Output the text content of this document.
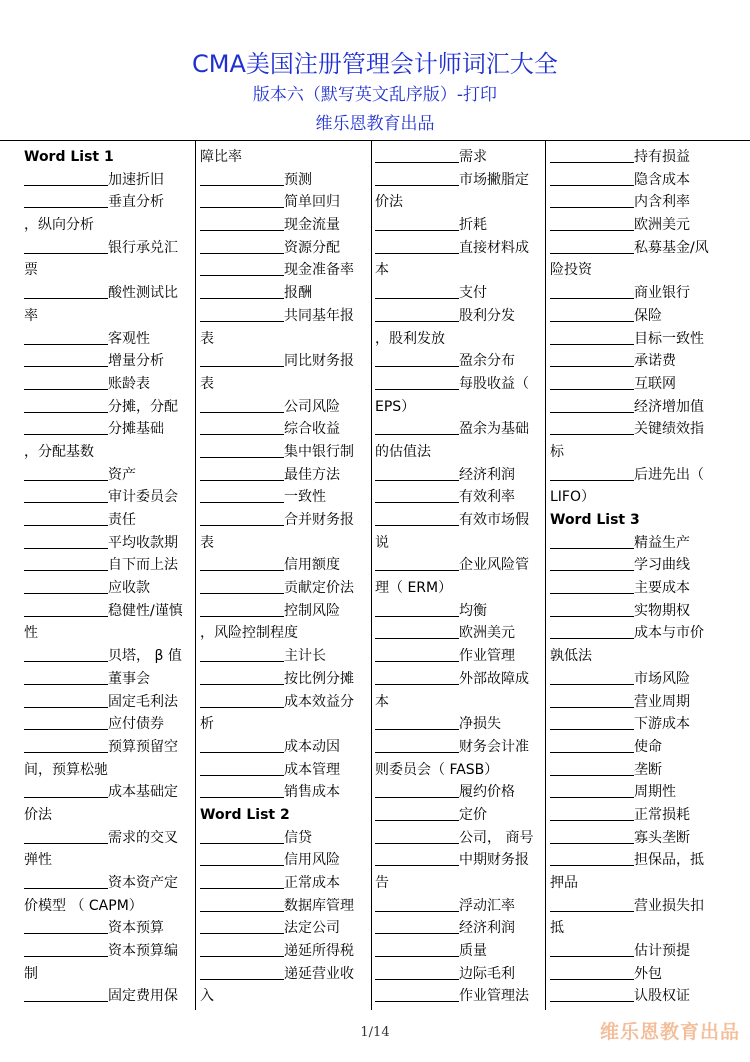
CMA美国注册管理会计师词汇大全
版本六（默写英文乱序版）-打印
维乐恩教育出品
Word List 1
加速折旧
垂直分析
，纵向分析
银行承兑汇
票
酸性测试比
率
客观性
增量分析
账龄表
分摊，分配
分摊基础
，分配基数
资产
审计委员会
责任
平均收款期
自下而上法
应收款
稳健性/谨慎
性
贝塔， β 值
董事会
固定毛利法
应付债券
预算预留空
间，预算松驰
成本基础定
价法
需求的交叉
弹性
资本资产定
价模型 （ CAPM）
资本预算
资本预算编
制
固定费用保
障比率
预测
简单回归
现金流量
资源分配
现金准备率
报酬
共同基年报
表
同比财务报
表
公司风险
综合收益
集中银行制
最佳方法
一致性
合并财务报
表
信用额度
贡献定价法
控制风险
，风险控制程度
主计长
按比例分摊
成本效益分
析
成本动因
成本管理
销售成本
Word List 2
信贷
信用风险
正常成本
数据库管理
法定公司
递延所得税
递延营业收
入
需求
市场撇脂定
价法
折耗
直接材料成
本
支付
股利分发
，股利发放
盈余分布
每股收益（
EPS）
盈余为基础
的估值法
经济利润
有效利率
有效市场假
说
企业风险管
理（ ERM）
均衡
欧洲美元
作业管理
外部故障成
本
净损失
财务会计准
则委员会（ FASB）
履约价格
定价
公司， 商号
中期财务报
告
浮动汇率
经济利润
质量
边际毛利
作业管理法
持有损益
隐含成本
内含利率
欧洲美元
私募基金/风
险投资
商业银行
保险
目标一致性
承诺费
互联网
经济增加值
关键绩效指
标
后进先出（
LIFO）
Word List 3
精益生产
学习曲线
主要成本
实物期权
成本与市价
孰低法
市场风险
营业周期
下游成本
使命
垄断
周期性
正常损耗
寡头垄断
担保品，抵
押品
营业损失扣
抵
估计预提
外包
认股权证
1/14	维乐恩教育出品
